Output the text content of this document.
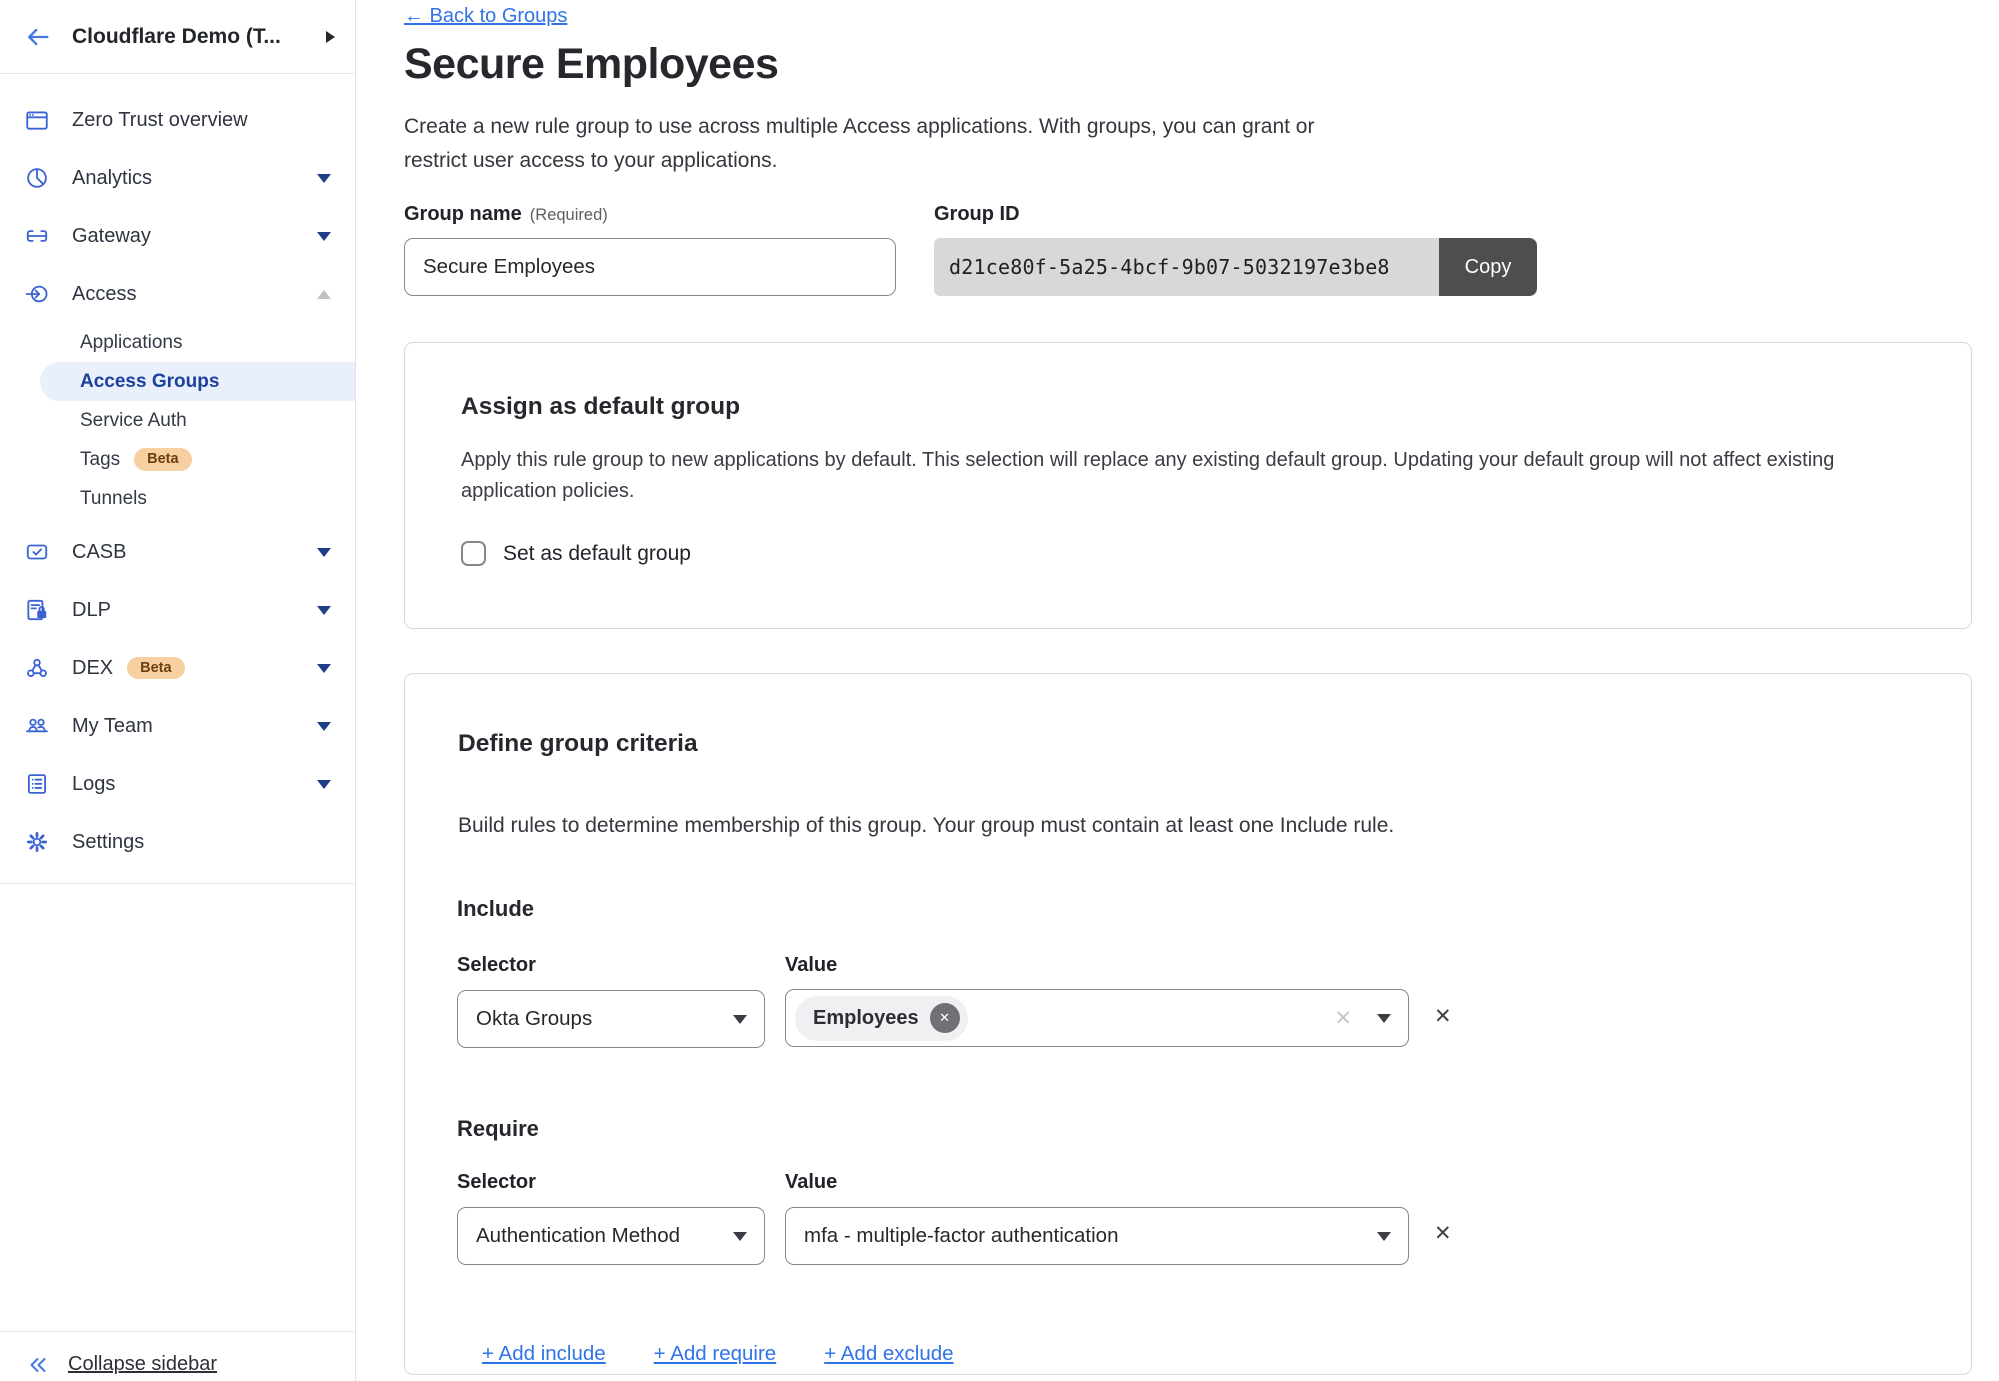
Cloudflare Demo (T...
Zero Trust overview
Analytics
Gateway
Access
Applications
Access Groups
Service Auth
Tags	Beta
Tunnels
CASB
DLP
DEX	Beta
My Team
Logs
Settings
Collapse sidebar
← Back to Groups
Secure Employees

Create a new rule group to use across multiple Access applications. With groups, you can grant or restrict user access to your applications.

Group name (Required)	Group ID
Secure Employees
d21ce80f-5a25-4bcf-9b07-5032197e3be8	Copy
Assign as default group

Apply this rule group to new applications by default. This selection will replace any existing default group. Updating your default group will not affect existing application policies.

Set as default group
Define group criteria

Build rules to determine membership of this group. Your group must contain at least one Include rule.

Include
Selector	Value
Okta Groups	Employees	✕	✕	✕
Require
Selector	Value
Authentication Method	mfa - multiple-factor authentication	✕
+ Add include + Add require + Add exclude
